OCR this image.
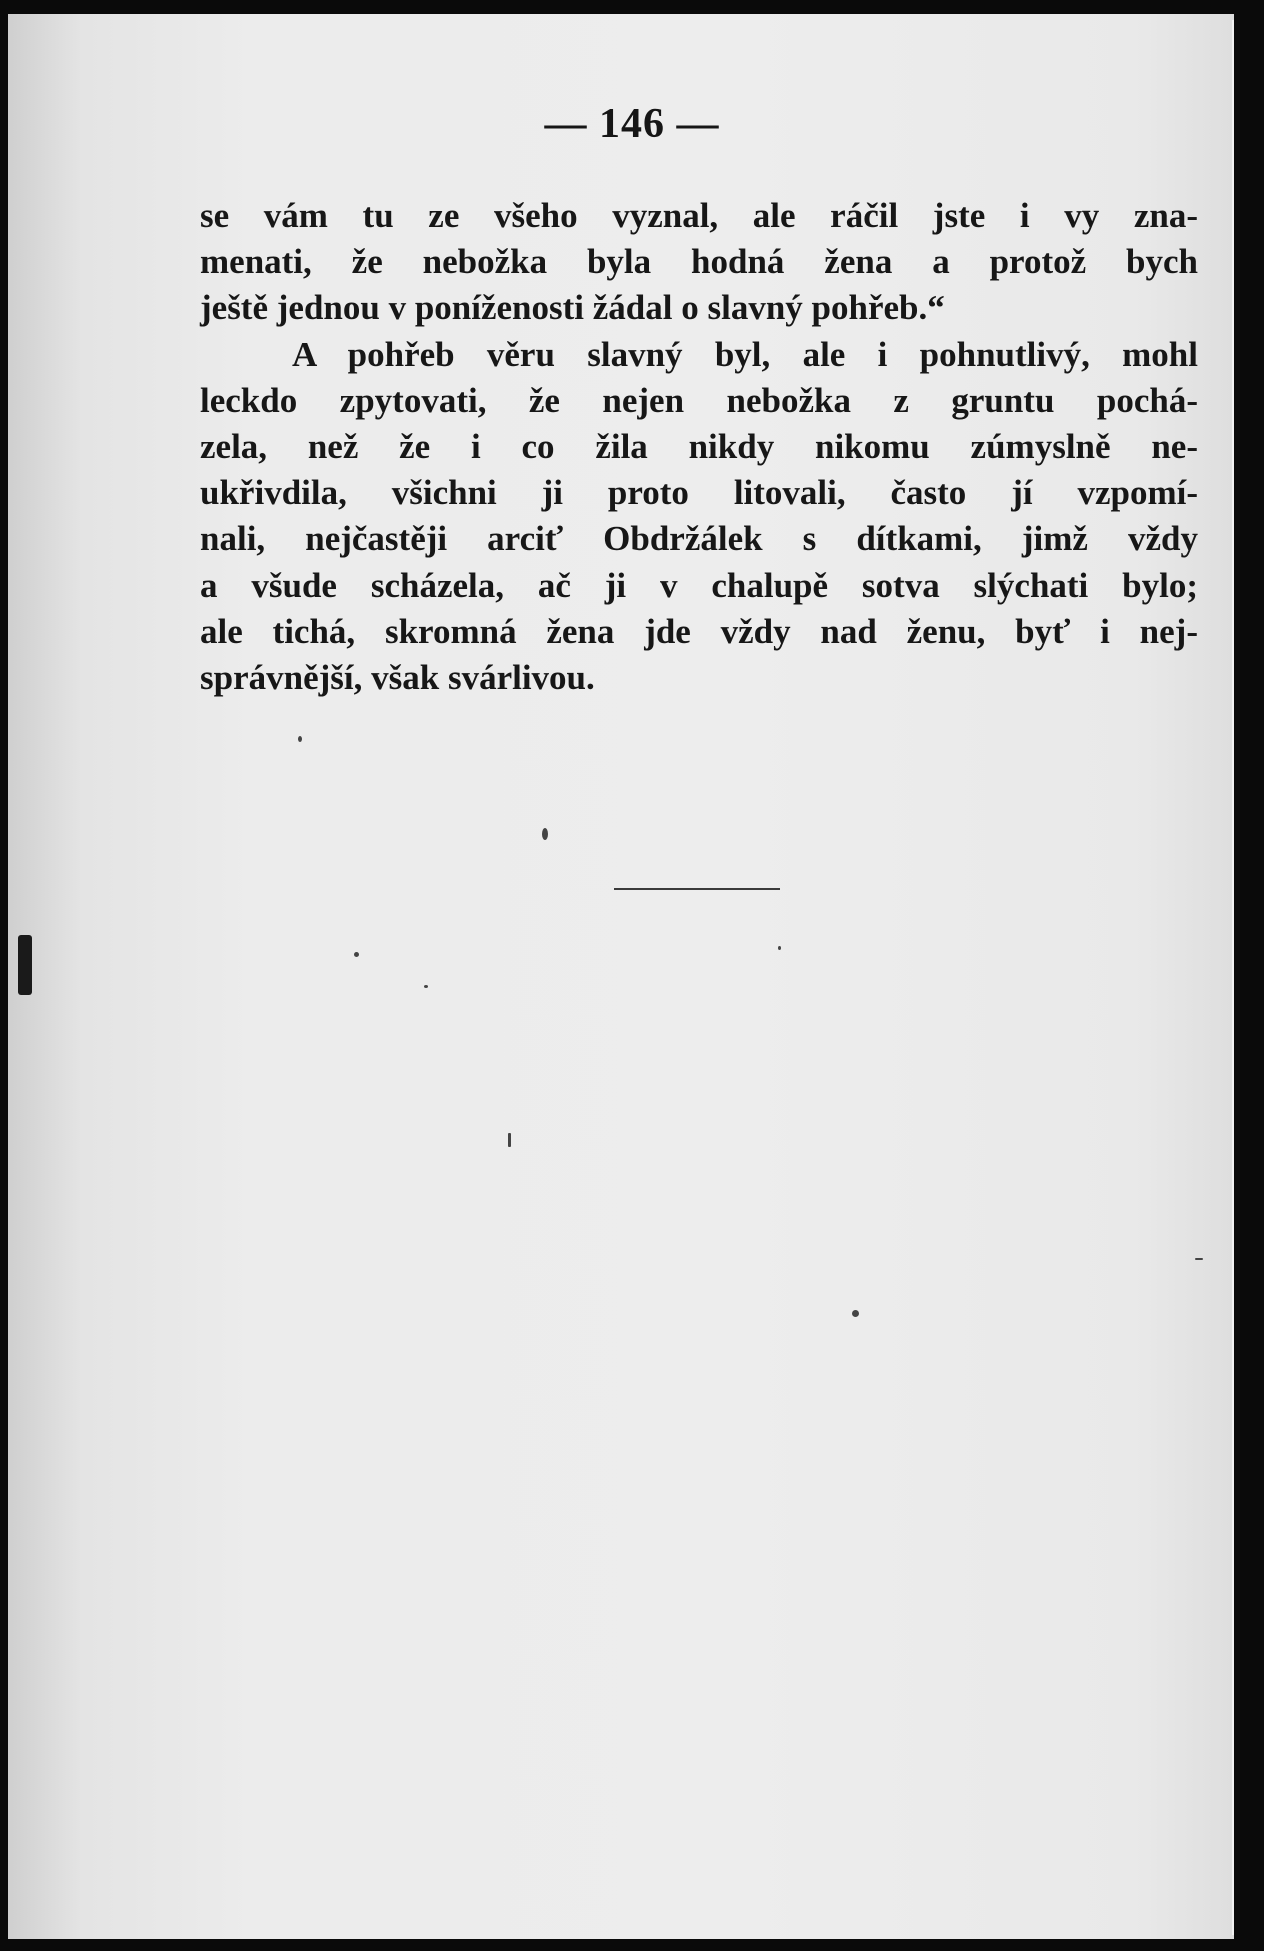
— 146 —
se vám tu ze všeho vyznal, ale ráčil jste i vy zna-
menati, že nebožka byla hodná žena a protož bych
ještě jednou v poníženosti žádal o slavný pohřeb.“
A pohřeb věru slavný byl, ale i pohnutlivý, mohl
leckdo zpytovati, že nejen nebožka z gruntu pochá-
zela, než že i co žila nikdy nikomu zúmyslně ne-
ukřivdila, všichni ji proto litovali, často jí vzpomí-
nali, nejčastěji arciť Obdržálek s dítkami, jimž vždy
a všude scházela, ač ji v chalupě sotva slýchati bylo;
ale tichá, skromná žena jde vždy nad ženu, byť i nej-
správnější, však svárlivou.
